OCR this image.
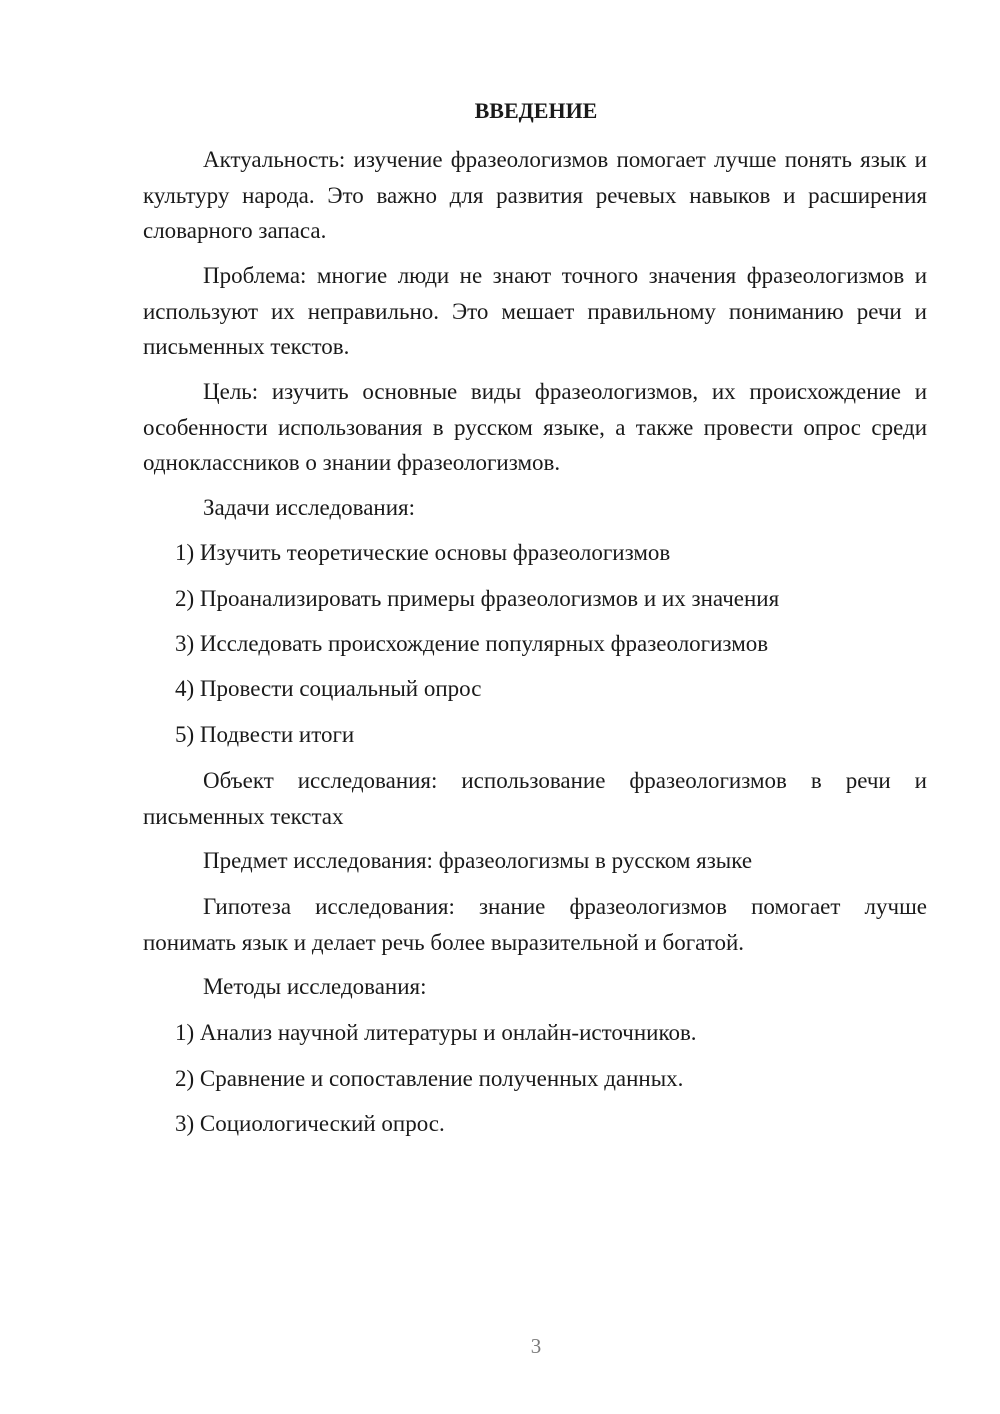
ВВЕДЕНИЕ

Актуальность: изучение фразеологизмов помогает лучше понять язык и культуру народа. Это важно для развития речевых навыков и расширения словарного запаса.

Проблема: многие люди не знают точного значения фразеологизмов и используют их неправильно. Это мешает правильному пониманию речи и письменных текстов.

Цель: изучить основные виды фразеологизмов, их происхождение и особенности использования в русском языке, а также провести опрос среди одноклассников о знании фразеологизмов.

Задачи исследования:

1) Изучить теоретические основы фразеологизмов

2) Проанализировать примеры фразеологизмов и их значения

3) Исследовать происхождение популярных фразеологизмов

4) Провести социальный опрос

5) Подвести итоги

Объект исследования: использование фразеологизмов в речи и письменных текстах

Предмет исследования: фразеологизмы в русском языке

Гипотеза исследования: знание фразеологизмов помогает лучше понимать язык и делает речь более выразительной и богатой.

Методы исследования:

1) Анализ научной литературы и онлайн-источников.

2) Сравнение и сопоставление полученных данных.

3) Социологический опрос.

3
